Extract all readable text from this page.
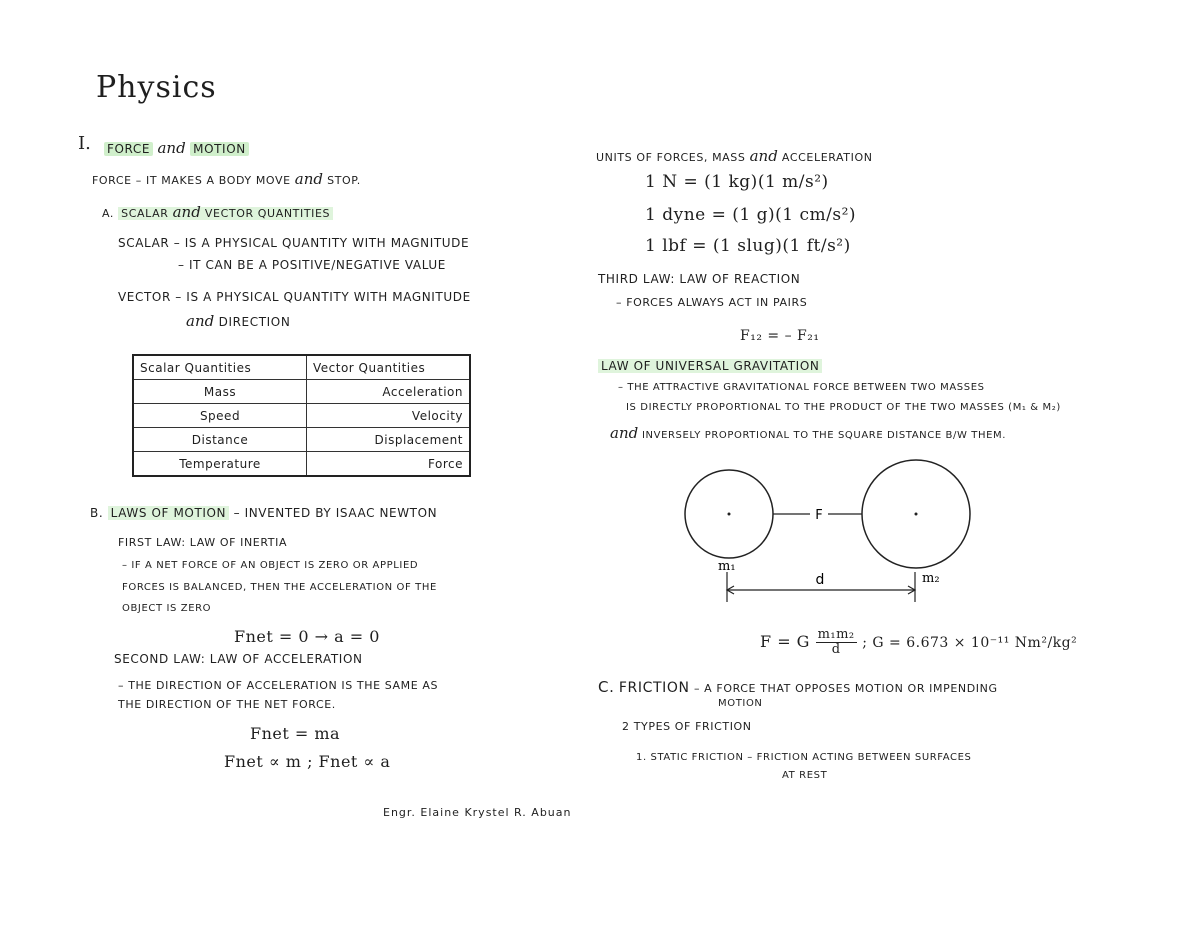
Physics
I. FORCE and MOTION
FORCE – IT MAKES A BODY MOVE and STOP.
A. SCALAR and VECTOR QUANTITIES
SCALAR – IS A PHYSICAL QUANTITY WITH MAGNITUDE
– IT CAN BE A POSITIVE/NEGATIVE VALUE
VECTOR – IS A PHYSICAL QUANTITY WITH MAGNITUDE
and DIRECTION
Scalar Quantities	Vector Quantities
Mass	Acceleration
Speed	Velocity
Distance	Displacement
Temperature	Force
B. LAWS OF MOTION – INVENTED BY ISAAC NEWTON
FIRST LAW: LAW OF INERTIA
– IF A NET FORCE OF AN OBJECT IS ZERO OR APPLIED
FORCES IS BALANCED, THEN THE ACCELERATION OF THE
OBJECT IS ZERO
Fnet = 0 → a = 0
SECOND LAW: LAW OF ACCELERATION
– THE DIRECTION OF ACCELERATION IS THE SAME AS
THE DIRECTION OF THE NET FORCE.
Fnet = ma
Fnet ∝ m ; Fnet ∝ a
UNITS OF FORCES, MASS and ACCELERATION
1 N = (1 kg)(1 m/s²)
1 dyne = (1 g)(1 cm/s²)
1 lbf = (1 slug)(1 ft/s²)
THIRD LAW: LAW OF REACTION
– FORCES ALWAYS ACT IN PAIRS
F₁₂ = – F₂₁
LAW OF UNIVERSAL GRAVITATION
– THE ATTRACTIVE GRAVITATIONAL FORCE BETWEEN TWO MASSES
IS DIRECTLY PROPORTIONAL TO THE PRODUCT OF THE TWO MASSES (M₁ & M₂)
and INVERSELY PROPORTIONAL TO THE SQUARE DISTANCE B/W THEM.
F
m₁
m₂
d
F = G $\frac{\text{m₁m₂}}{d}$ ; G = 6.673 × 10⁻¹¹ Nm²/kg²
C. FRICTION – A FORCE THAT OPPOSES MOTION OR IMPENDING
MOTION
2 TYPES OF FRICTION
1. STATIC FRICTION – FRICTION ACTING BETWEEN SURFACES
AT REST
Engr. Elaine Krystel R. Abuan
